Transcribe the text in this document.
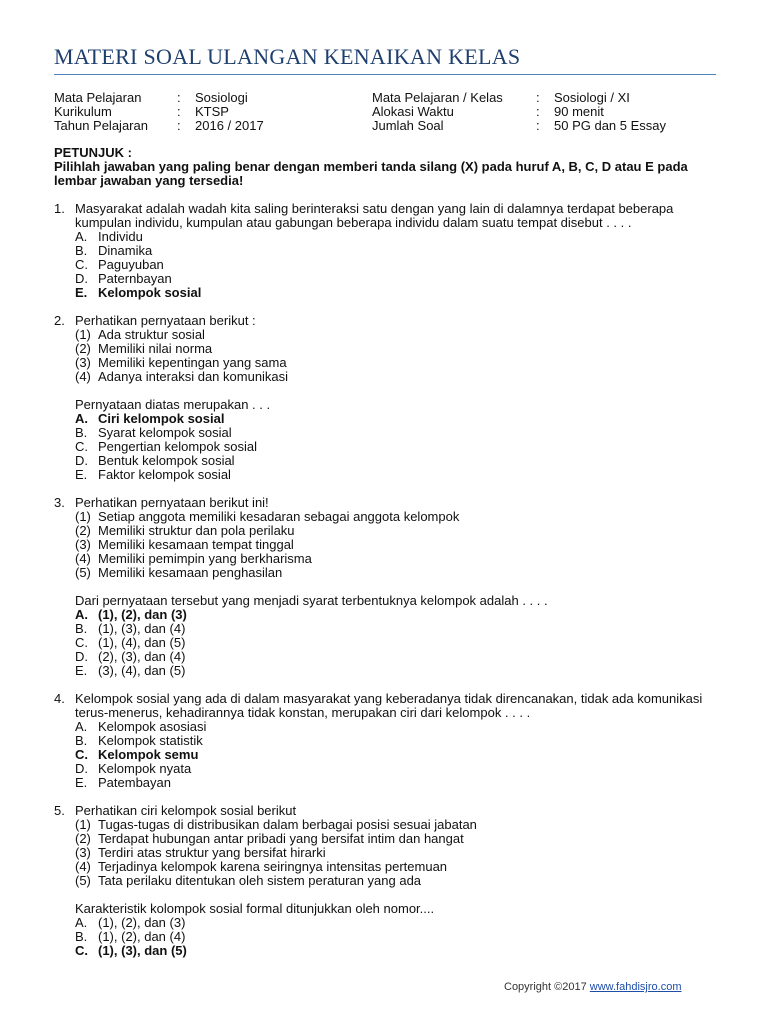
MATERI SOAL ULANGAN KENAIKAN KELAS
Mata Pelajaran	:	Sosiologi
Kurikulum	:	KTSP
Tahun Pelajaran	:	2016 / 2017
Mata Pelajaran / Kelas	:	Sosiologi / XI
Alokasi Waktu	:	90 menit
Jumlah Soal	:	50 PG dan 5 Essay
PETUNJUK :
Pilihlah jawaban yang paling benar dengan memberi tanda silang (X) pada huruf A, B, C, D atau E pada lembar jawaban yang tersedia!
1. Masyarakat adalah wadah kita saling berinteraksi satu dengan yang lain di dalamnya terdapat beberapa kumpulan individu, kumpulan atau gabungan beberapa individu dalam suatu tempat disebut . . . .
A. Individu
B. Dinamika
C. Paguyuban
D. Paternbayan
E. Kelompok sosial
2. Perhatikan pernyataan berikut :
(1) Ada struktur sosial
(2) Memiliki nilai norma
(3) Memiliki kepentingan yang sama
(4) Adanya interaksi dan komunikasi
Pernyataan diatas merupakan . . .
A. Ciri kelompok sosial
B. Syarat kelompok sosial
C. Pengertian kelompok sosial
D. Bentuk kelompok sosial
E. Faktor kelompok sosial
3. Perhatikan pernyataan berikut ini!
(1) Setiap anggota memiliki kesadaran sebagai anggota kelompok
(2) Memiliki struktur dan pola perilaku
(3) Memiliki kesamaan tempat tinggal
(4) Memiliki pemimpin yang berkharisma
(5) Memiliki kesamaan penghasilan
Dari pernyataan tersebut yang menjadi syarat terbentuknya kelompok adalah . . . .
A. (1), (2), dan (3)
B. (1), (3), dan (4)
C. (1), (4), dan (5)
D. (2), (3), dan (4)
E. (3), (4), dan (5)
4. Kelompok sosial yang ada di dalam masyarakat yang keberadanya tidak direncanakan, tidak ada komunikasi terus-menerus, kehadirannya tidak konstan, merupakan ciri dari kelompok . . . .
A. Kelompok asosiasi
B. Kelompok statistik
C. Kelompok semu
D. Kelompok nyata
E. Patembayan
5. Perhatikan ciri kelompok sosial berikut
(1) Tugas-tugas di distribusikan dalam berbagai posisi sesuai jabatan
(2) Terdapat hubungan antar pribadi yang bersifat intim dan hangat
(3) Terdiri atas struktur yang bersifat hirarki
(4) Terjadinya kelompok karena seiringnya intensitas pertemuan
(5) Tata perilaku ditentukan oleh sistem peraturan yang ada
Karakteristik kolompok sosial formal ditunjukkan oleh nomor....
A. (1), (2), dan (3)
B. (1), (2), dan (4)
C. (1), (3), dan (5)
Copyright ©2017 www.fahdisjro.com
